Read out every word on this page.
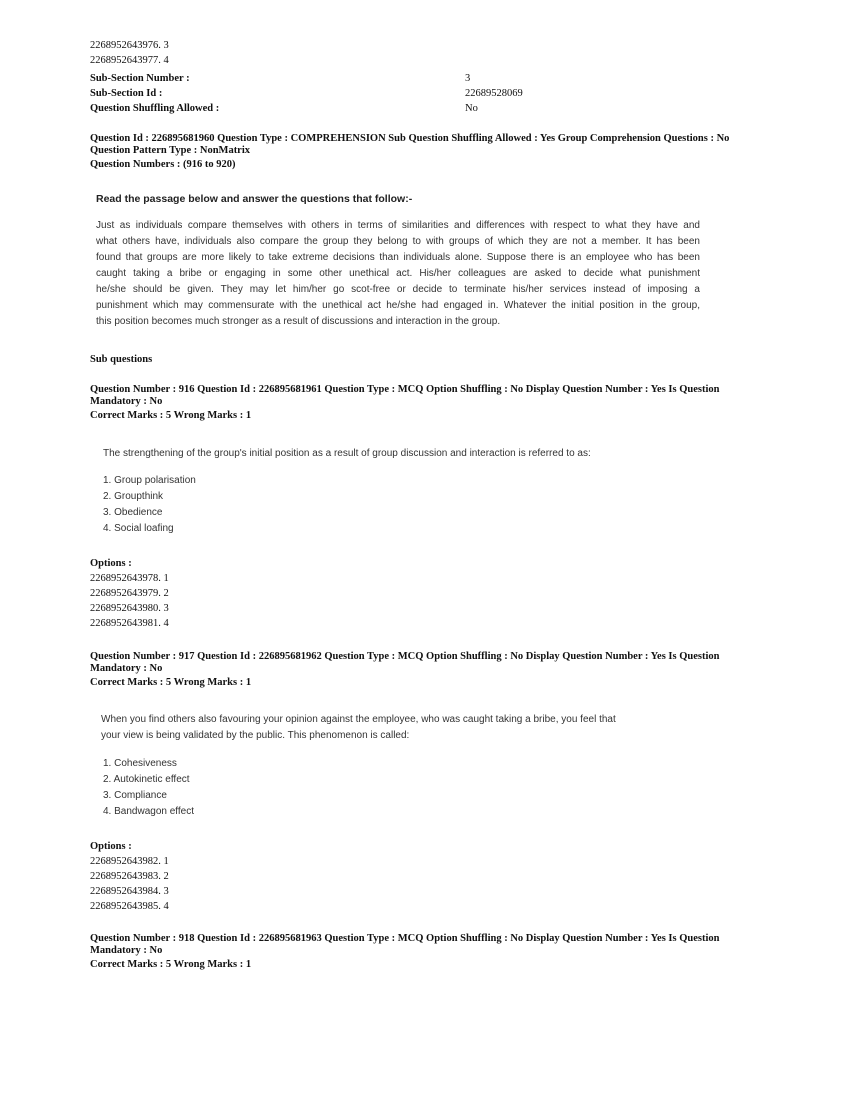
2268952643976. 3
2268952643977. 4
Sub-Section Number :	3
Sub-Section Id :	22689528069
Question Shuffling Allowed :	No
Question Id : 226895681960 Question Type : COMPREHENSION Sub Question Shuffling Allowed : Yes Group Comprehension Questions : No
Question Pattern Type : NonMatrix
Question Numbers : (916 to 920)
Read the passage below and answer the questions that follow:-
Just as individuals compare themselves with others in terms of similarities and differences with respect to what they have and
what others have, individuals also compare the group they belong to with groups of which they are not a member. It has been
found that groups are more likely to take extreme decisions than individuals alone. Suppose there is an employee who has been
caught taking a bribe or engaging in some other unethical act. His/her colleagues are asked to decide what punishment
he/she should be given. They may let him/her go scot-free or decide to terminate his/her services instead of imposing a
punishment which may commensurate with the unethical act he/she had engaged in. Whatever the initial position in the group,
this position becomes much stronger as a result of discussions and interaction in the group.
Sub questions
Question Number : 916 Question Id : 226895681961 Question Type : MCQ Option Shuffling : No Display Question Number : Yes Is Question
Mandatory : No
Correct Marks : 5 Wrong Marks : 1
The strengthening of the group's initial position as a result of group discussion and interaction is referred to as:
1. Group polarisation
2. Groupthink
3. Obedience
4. Social loafing
Options :
2268952643978. 1
2268952643979. 2
2268952643980. 3
2268952643981. 4
Question Number : 917 Question Id : 226895681962 Question Type : MCQ Option Shuffling : No Display Question Number : Yes Is Question
Mandatory : No
Correct Marks : 5 Wrong Marks : 1
When you find others also favouring your opinion against the employee, who was caught taking a bribe, you feel that
your view is being validated by the public. This phenomenon is called:
1. Cohesiveness
2. Autokinetic effect
3. Compliance
4. Bandwagon effect
Options :
2268952643982. 1
2268952643983. 2
2268952643984. 3
2268952643985. 4
Question Number : 918 Question Id : 226895681963 Question Type : MCQ Option Shuffling : No Display Question Number : Yes Is Question
Mandatory : No
Correct Marks : 5 Wrong Marks : 1
